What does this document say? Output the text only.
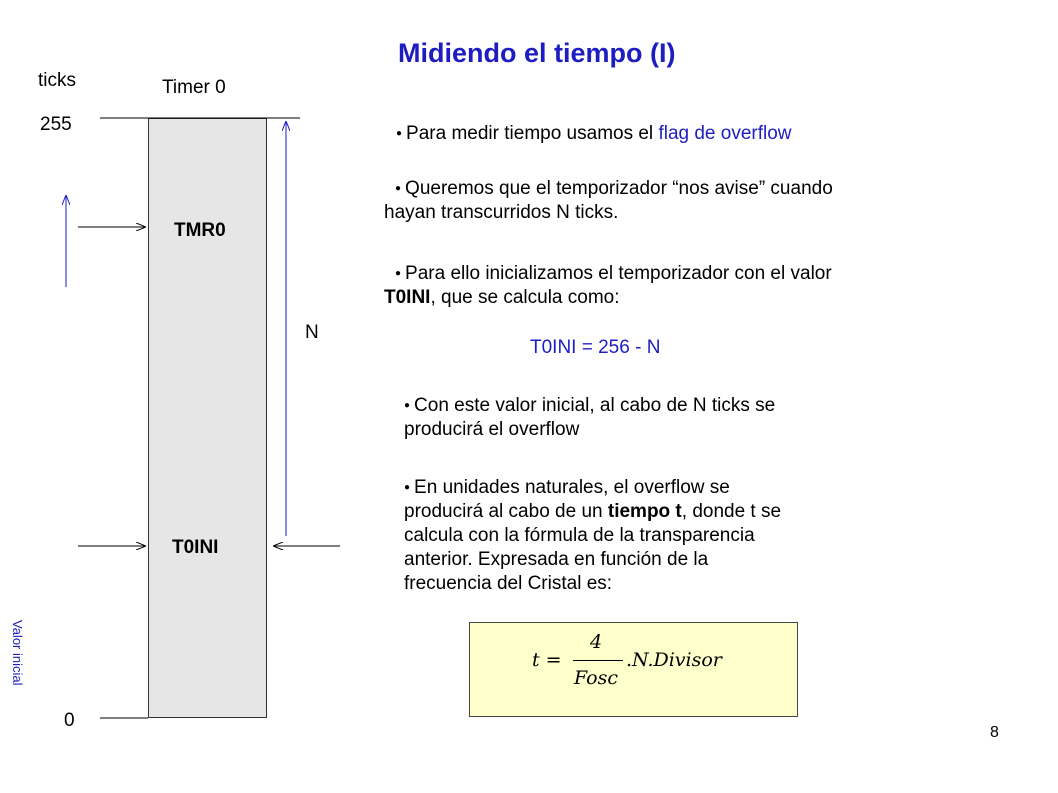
Midiendo el tiempo (I)
ticks	Timer 0
255
0
N
Valor inicial
TMR0
T0INI
● Para medir tiempo usamos el flag de overflow
● Queremos que el temporizador “nos avise” cuando
hayan transcurridos N ticks.
● Para ello inicializamos el temporizador con el valor
T0INI, que se calcula como:
T0INI = 256 - N
● Con este valor inicial, al cabo de N ticks se
producirá el overflow
● En unidades naturales, el overflow se
producirá al cabo de un tiempo t, donde t se
calcula con la fórmula de la transparencia
anterior. Expresada en función de la
frecuencia del Cristal es:
t =
4
Fosc
.N.Divisor
8
